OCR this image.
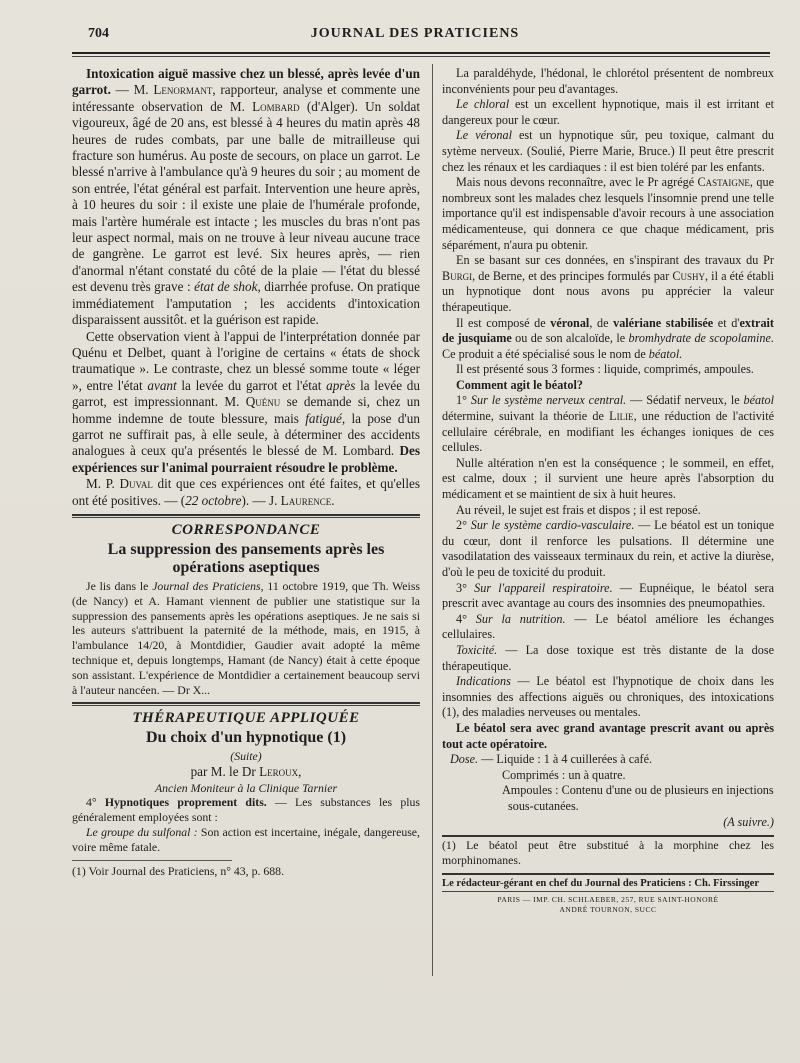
704	JOURNAL DES PRATICIENS

Intoxication aiguë massive chez un blessé, après levée d'un garrot. — M. Lenormant, rapporteur, analyse et commente une intéressante observation de M. Lombard (d'Alger). Un soldat vigoureux, âgé de 20 ans, est blessé à 4 heures du matin après 48 heures de rudes combats, par une balle de mitrailleuse qui fracture son humérus. Au poste de secours, on place un garrot. Le blessé n'arrive à l'ambulance qu'à 9 heures du soir ; au moment de son entrée, l'état général est parfait. Intervention une heure après, à 10 heures du soir : il existe une plaie de l'humérale profonde, mais l'artère humérale est intacte ; les muscles du bras n'ont pas leur aspect normal, mais on ne trouve à leur niveau aucune trace de gangrène. Le garrot est levé. Six heures après, — rien d'anormal n'étant constaté du côté de la plaie — l'état du blessé est devenu très grave : état de shok, diarrhée profuse. On pratique immédiatement l'amputation ; les accidents d'intoxication disparaissent aussitôt. et la guérison est rapide.

Cette observation vient à l'appui de l'interprétation donnée par Quénu et Delbet, quant à l'origine de certains « états de shock traumatique ». Le contraste, chez un blessé somme toute « léger », entre l'état avant la levée du garrot et l'état après la levée du garrot, est impressionnant. M. Quénu se demande si, chez un homme indemne de toute blessure, mais fatigué, la pose d'un garrot ne suffirait pas, à elle seule, à déterminer des accidents analogues à ceux qu'a présentés le blessé de M. Lombard. Des expériences sur l'animal pourraient résoudre le problème.

M. P. Duval dit que ces expériences ont été faites, et qu'elles ont été positives. — (22 octobre). — J. Laurence.

CORRESPONDANCE
La suppression des pansements après les opérations aseptiques

Je lis dans le Journal des Praticiens, 11 octobre 1919, que Th. Weiss (de Nancy) et A. Hamant viennent de publier une statistique sur la suppression des pansements après les opérations aseptiques. Je ne sais si les auteurs s'attribuent la paternité de la méthode, mais, en 1915, à l'ambulance 14/20, à Montdidier, Gaudier avait adopté la même technique et, depuis longtemps, Hamant (de Nancy) était à cette époque son assistant. L'expérience de Montdidier a certainement beaucoup servi à l'auteur nancéen. — Dr X...

THÉRAPEUTIQUE APPLIQUÉE
Du choix d'un hypnotique (1)
(Suite)
par M. le Dr Leroux,
Ancien Moniteur à la Clinique Tarnier

4° Hypnotiques proprement dits. — Les substances les plus généralement employées sont :

Le groupe du sulfonal : Son action est incertaine, inégale, dangereuse, voire même fatale.

(1) Voir Journal des Praticiens, n° 43, p. 688.

La paraldéhyde, l'hédonal, le chlorétol présentent de nombreux inconvénients pour peu d'avantages.

Le chloral est un excellent hypnotique, mais il est irritant et dangereux pour le cœur.

Le véronal est un hypnotique sûr, peu toxique, calmant du sytème nerveux. (Soulié, Pierre Marie, Bruce.) Il peut être prescrit chez les rénaux et les cardiaques : il est bien toléré par les enfants.

Mais nous devons reconnaître, avec le Pr agrégé Castaigne, que nombreux sont les malades chez lesquels l'insomnie prend une telle importance qu'il est indispensable d'avoir recours à une association médicamenteuse, qui donnera ce que chaque médicament, pris séparément, n'aura pu obtenir.

En se basant sur ces données, en s'inspirant des travaux du Pr Burgi, de Berne, et des principes formulés par Cushy, il a été établi un hypnotique dont nous avons pu apprécier la valeur thérapeutique.

Il est composé de véronal, de valériane stabilisée et d'extrait de jusquiame ou de son alcaloïde, le bromhydrate de scopolamine. Ce produit a été spécialisé sous le nom de béatol.

Il est présenté sous 3 formes : liquide, comprimés, ampoules.

Comment agit le béatol?

1° Sur le système nerveux central. — Sédatif nerveux, le béatol détermine, suivant la théorie de Lilie, une réduction de l'activité cellulaire cérébrale, en modifiant les échanges ioniques de ces cellules.

Nulle altération n'en est la conséquence ; le sommeil, en effet, est calme, doux ; il survient une heure après l'absorption du médicament et se maintient de six à huit heures.

Au réveil, le sujet est frais et dispos ; il est reposé.

2° Sur le système cardio-vasculaire. — Le béatol est un tonique du cœur, dont il renforce les pulsations. Il détermine une vasodilatation des vaisseaux terminaux du rein, et active la diurèse, d'où le peu de toxicité du produit.

3° Sur l'appareil respiratoire. — Eupnéique, le béatol sera prescrit avec avantage au cours des insomnies des pneumopathies.

4° Sur la nutrition. — Le béatol améliore les échanges cellulaires.

Toxicité. — La dose toxique est très distante de la dose thérapeutique.

Indications — Le béatol est l'hypnotique de choix dans les insomnies des affections aiguës ou chroniques, des intoxications (1), des maladies nerveuses ou mentales.

Le béatol sera avec grand avantage prescrit avant ou après tout acte opératoire.

Dose. — Liquide : 1 à 4 cuillerées à café.
Comprimés : un à quatre.
Ampoules : Contenu d'une ou de plusieurs en injections
sous-cutanées.
(A suivre.)

(1) Le béatol peut être substitué à la morphine chez les morphinomanes.

Le rédacteur-gérant en chef du Journal des Praticiens : Ch. Firssinger

PARIS — IMP. CH. SCHLAEBER, 257, RUE SAINT-HONORÉ
ANDRÉ TOURNON, SUCC
